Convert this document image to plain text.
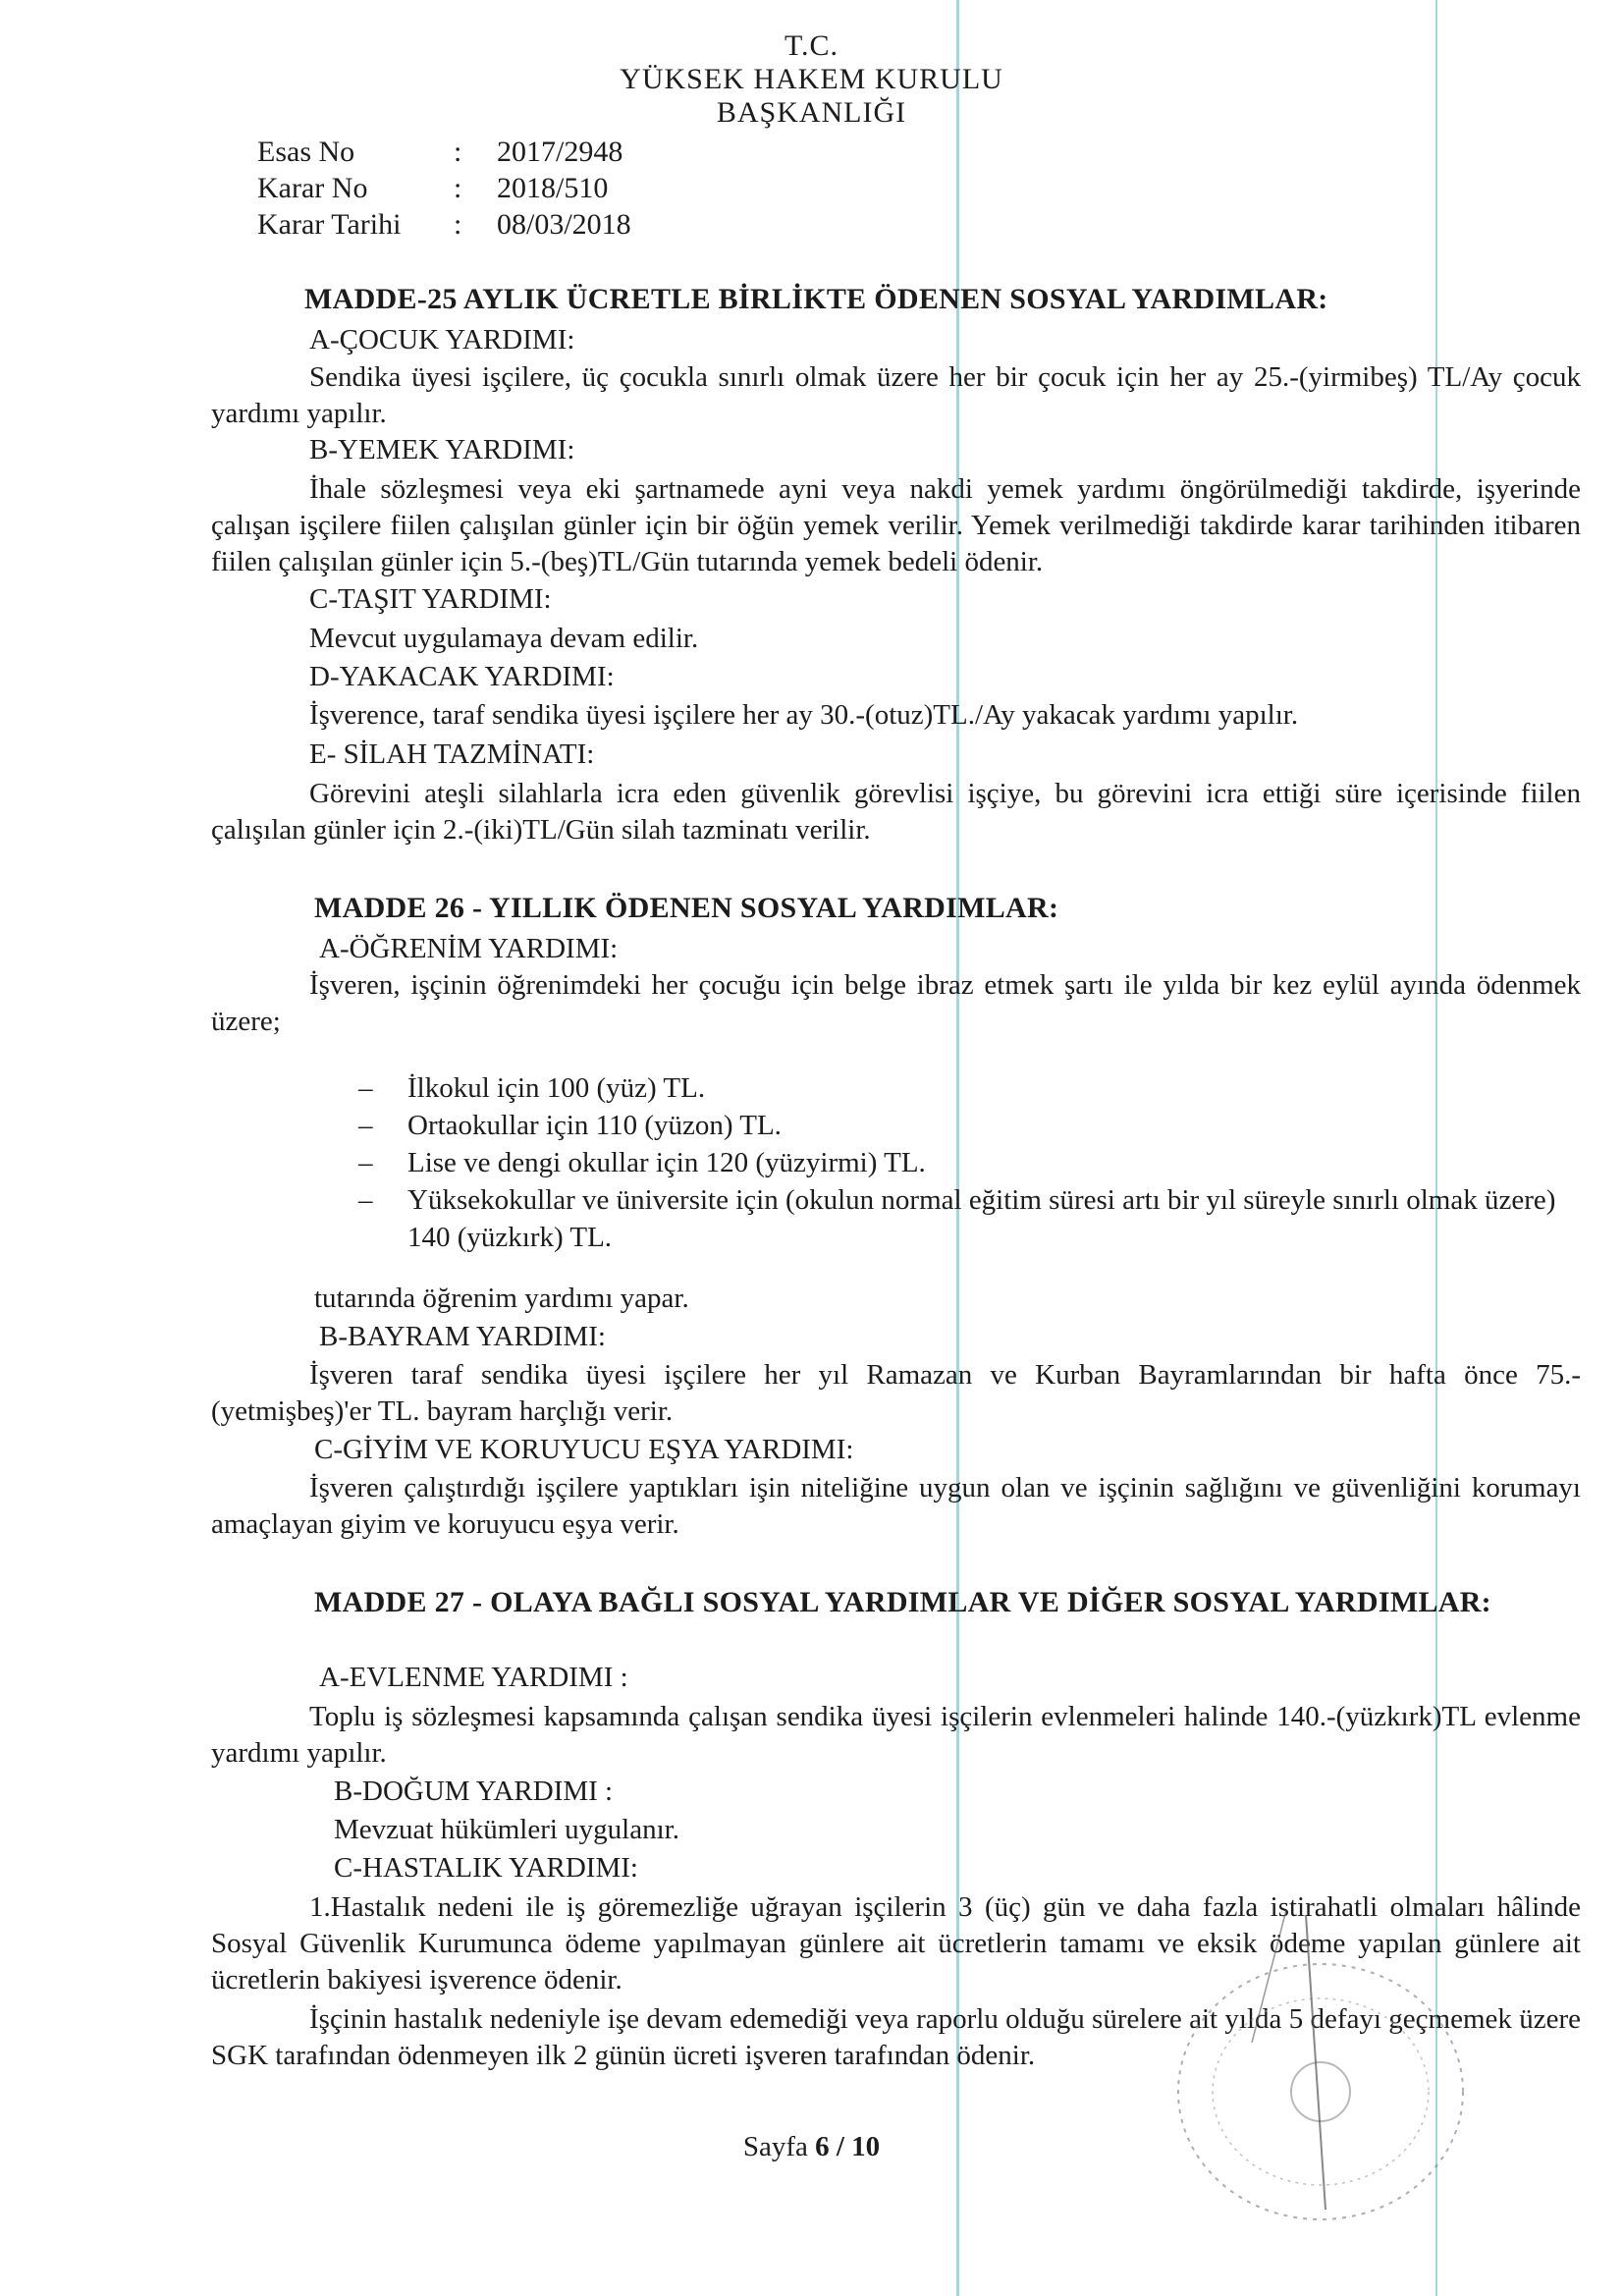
T.C.
YÜKSEK HAKEM KURULU
BAŞKANLIĞI
Esas No	:	2017/2948
Karar No	:	2018/510
Karar Tarihi	:	08/03/2018
MADDE-25 AYLIK ÜCRETLE BİRLİKTE ÖDENEN SOSYAL YARDIMLAR:
A-ÇOCUK YARDIMI:
Sendika üyesi işçilere, üç çocukla sınırlı olmak üzere her bir çocuk için her ay 25.-(yirmibeş) TL/Ay çocuk yardımı yapılır.
B-YEMEK YARDIMI:
İhale sözleşmesi veya eki şartnamede ayni veya nakdi yemek yardımı öngörülmediği takdirde, işyerinde çalışan işçilere fiilen çalışılan günler için bir öğün yemek verilir. Yemek verilmediği takdirde karar tarihinden itibaren fiilen çalışılan günler için 5.-(beş)TL/Gün tutarında yemek bedeli ödenir.
C-TAŞIT YARDIMI:
Mevcut uygulamaya devam edilir.
D-YAKACAK YARDIMI:
İşverence, taraf sendika üyesi işçilere her ay 30.-(otuz)TL./Ay yakacak yardımı yapılır.
E- SİLAH TAZMİNATI:
Görevini ateşli silahlarla icra eden güvenlik görevlisi işçiye, bu görevini icra ettiği süre içerisinde fiilen çalışılan günler için 2.-(iki)TL/Gün silah tazminatı verilir.
MADDE 26 - YILLIK ÖDENEN SOSYAL YARDIMLAR:
A-ÖĞRENİM YARDIMI:
İşveren, işçinin öğrenimdeki her çocuğu için belge ibraz etmek şartı ile yılda bir kez eylül ayında ödenmek üzere;
– İlkokul için 100 (yüz) TL.
– Ortaokullar için 110 (yüzon) TL.
– Lise ve dengi okullar için 120 (yüzyirmi) TL.
– Yüksekokullar ve üniversite için (okulun normal eğitim süresi artı bir yıl süreyle sınırlı olmak üzere) 140 (yüzkırk) TL.
tutarında öğrenim yardımı yapar.
B-BAYRAM YARDIMI:
İşveren taraf sendika üyesi işçilere her yıl Ramazan ve Kurban Bayramlarından bir hafta önce 75.-(yetmişbeş)'er TL. bayram harçlığı verir.
C-GİYİM VE KORUYUCU EŞYA YARDIMI:
İşveren çalıştırdığı işçilere yaptıkları işin niteliğine uygun olan ve işçinin sağlığını ve güvenliğini korumayı amaçlayan giyim ve koruyucu eşya verir.
MADDE 27 - OLAYA BAĞLI SOSYAL YARDIMLAR VE DİĞER SOSYAL YARDIMLAR:
A-EVLENME YARDIMI :
Toplu iş sözleşmesi kapsamında çalışan sendika üyesi işçilerin evlenmeleri halinde 140.-(yüzkırk)TL evlenme yardımı yapılır.
B-DOĞUM YARDIMI :
Mevzuat hükümleri uygulanır.
C-HASTALIK YARDIMI:
1.Hastalık nedeni ile iş göremezliğe uğrayan işçilerin 3 (üç) gün ve daha fazla istirahatli olmaları hâlinde Sosyal Güvenlik Kurumunca ödeme yapılmayan günlere ait ücretlerin tamamı ve eksik ödeme yapılan günlere ait ücretlerin bakiyesi işverence ödenir.
İşçinin hastalık nedeniyle işe devam edemediği veya raporlu olduğu sürelere ait yılda 5 defayı geçmemek üzere SGK tarafından ödenmeyen ilk 2 günün ücreti işveren tarafından ödenir.
Sayfa 6 / 10
